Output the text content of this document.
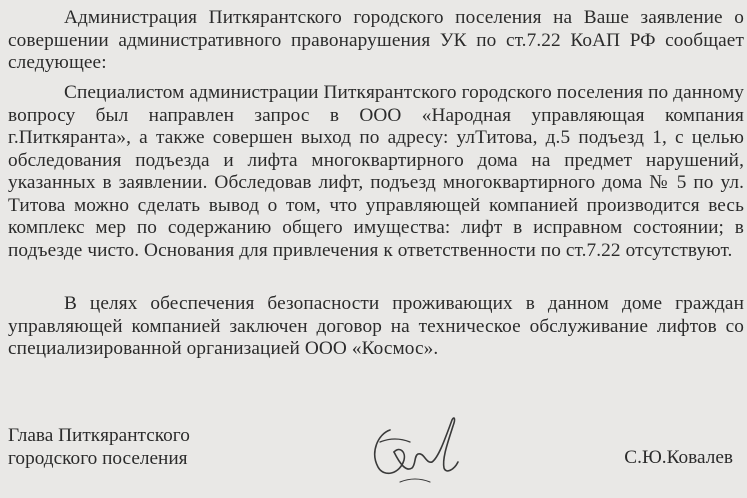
Администрация Питкярантского городского поселения на Ваше заявление о совершении административного правонарушения УК по ст.7.22 КоАП РФ сообщает следующее:

Специалистом администрации Питкярантского городского поселения по данному вопросу был направлен запрос в ООО «Народная управляющая компания г.Питкяранта», а также совершен выход по адресу: улТитова, д.5 подъезд 1, с целью обследования подъезда и лифта многоквартирного дома на предмет нарушений, указанных в заявлении. Обследовав лифт, подъезд многоквартирного дома № 5 по ул. Титова можно сделать вывод о том, что управляющей компанией производится весь комплекс мер по содержанию общего имущества: лифт в исправном состоянии; в подъезде чисто. Основания для привлечения к ответственности по ст.7.22 отсутствуют.

В целях обеспечения безопасности проживающих в данном доме граждан управляющей компанией заключен договор на техническое обслуживание лифтов со специализированной организацией ООО «Космос».

Глава Питкярантского
городского поселения	С.Ю.Ковалев
